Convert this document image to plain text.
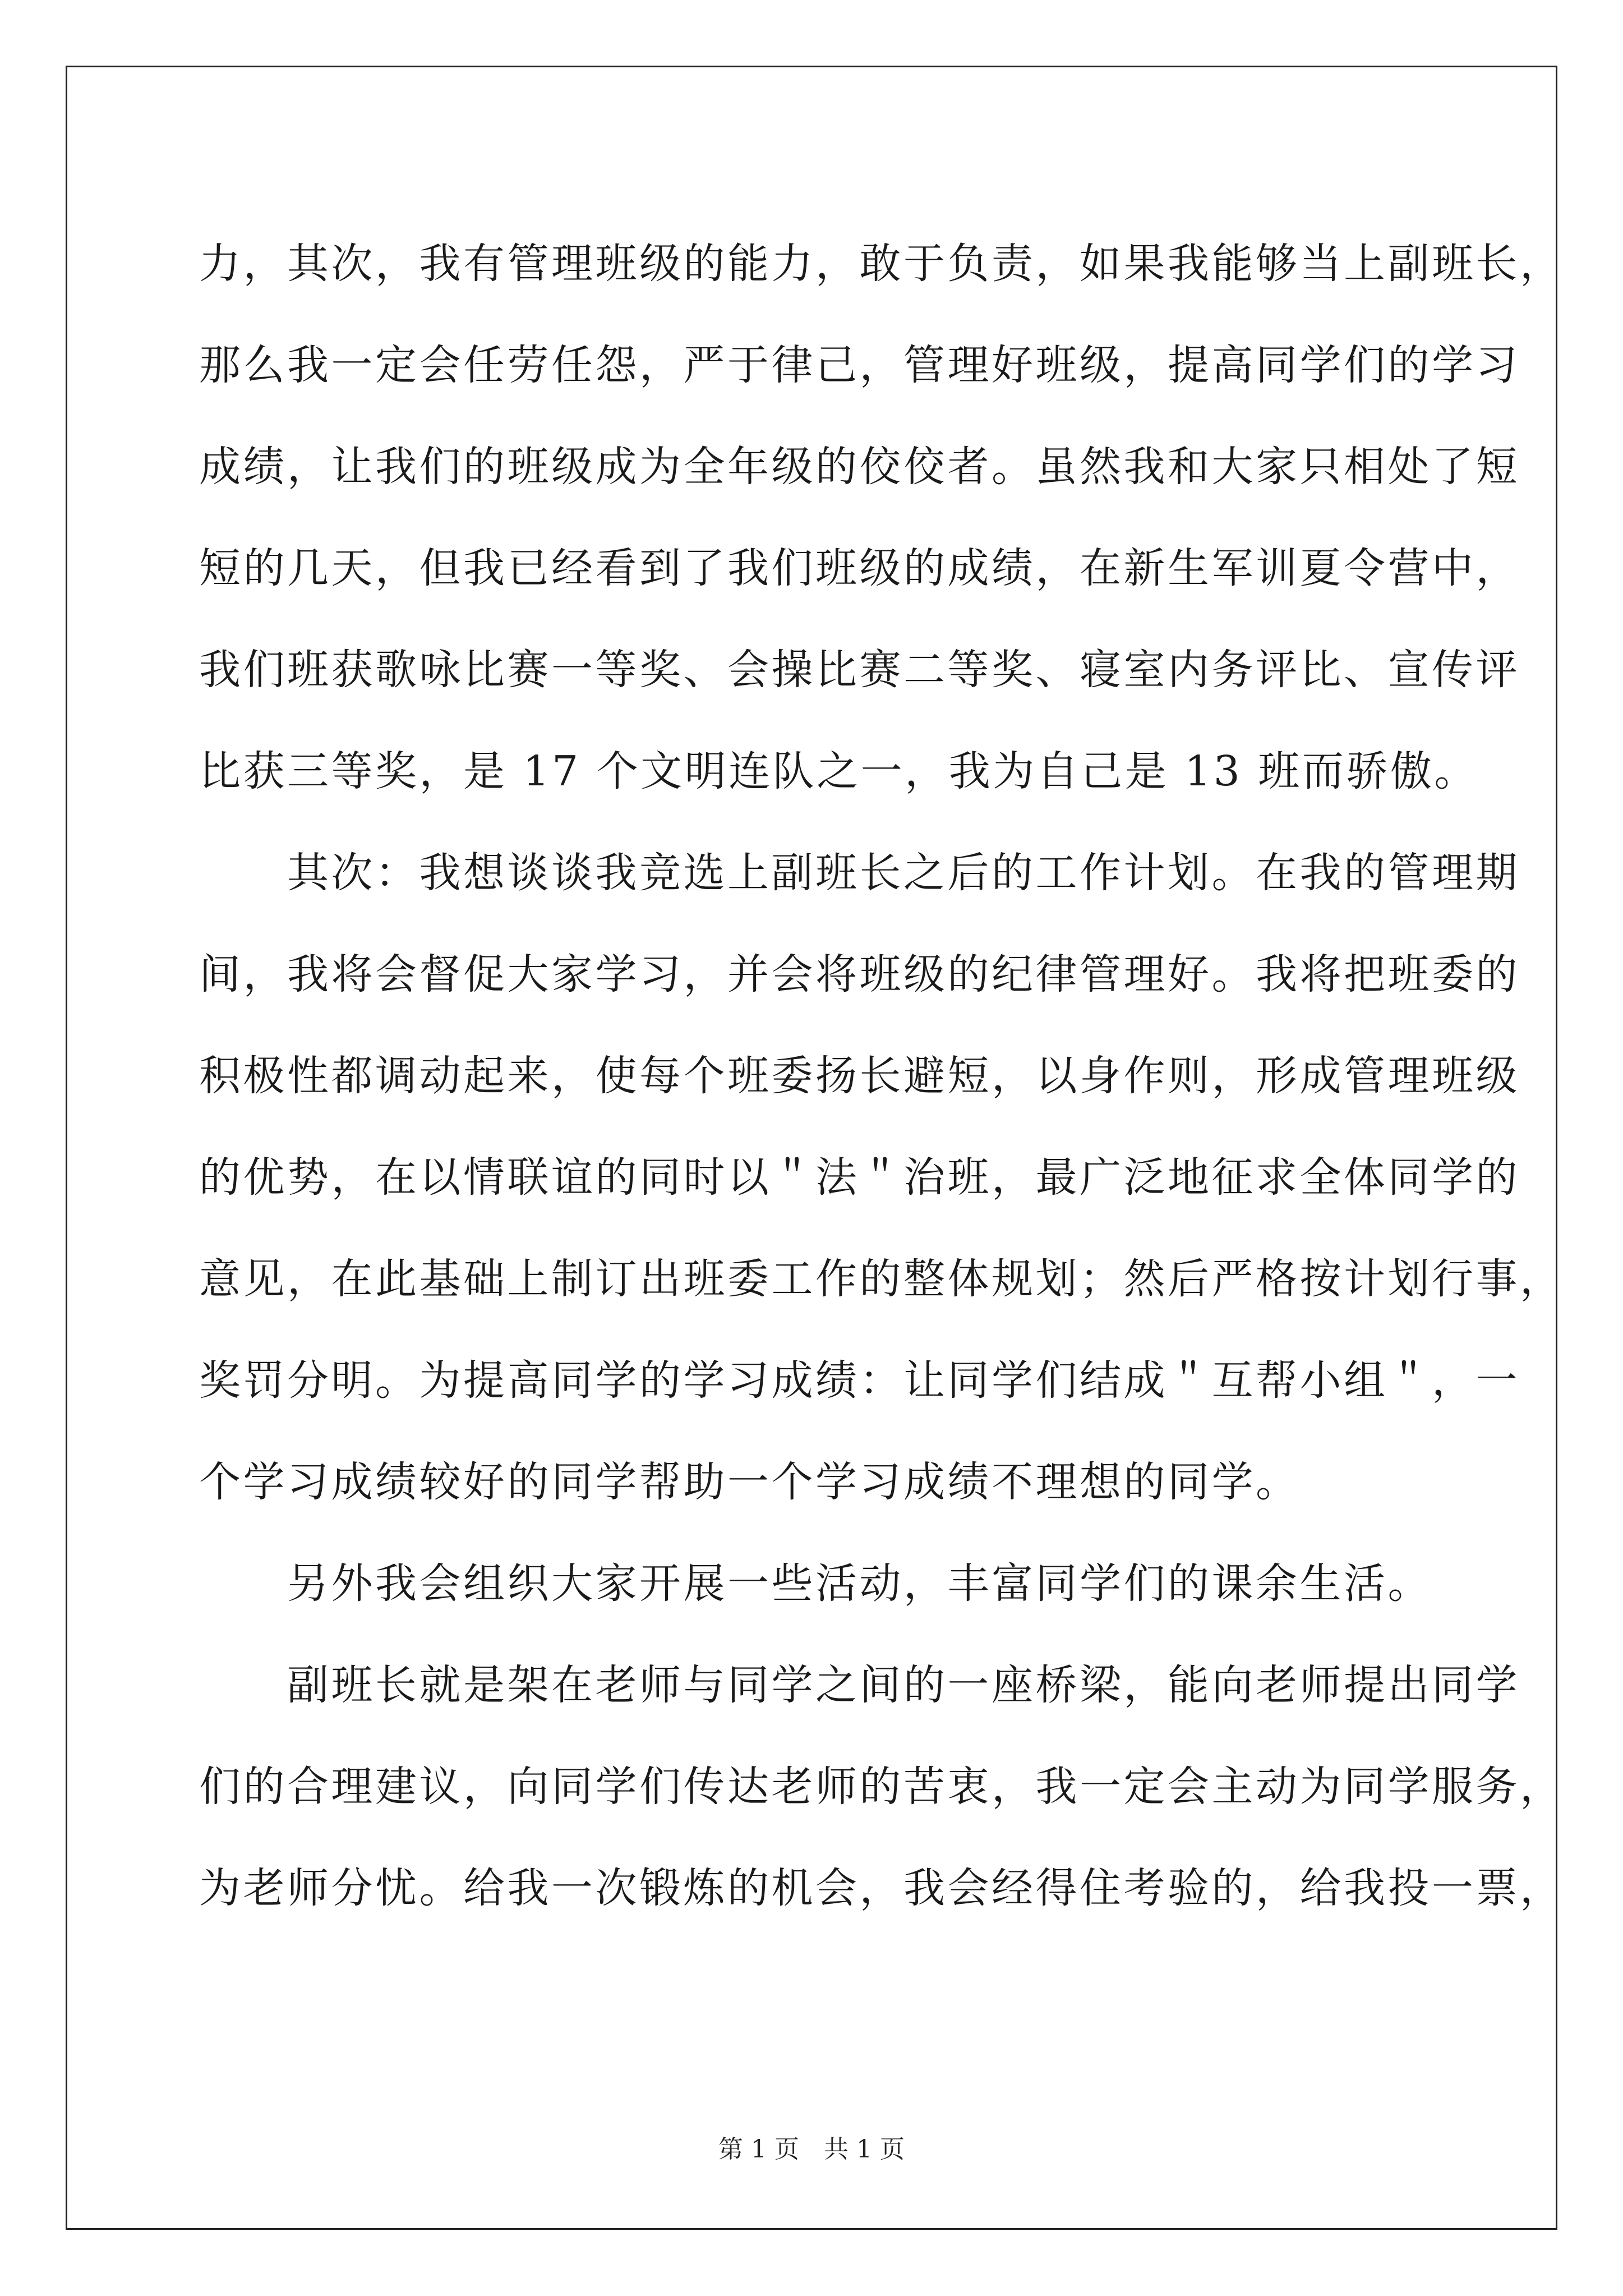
力，其次，我有管理班级的能力，敢于负责，如果我能够当上副班长，
那么我一定会任劳任怨，严于律己，管理好班级，提高同学们的学习
成绩，让我们的班级成为全年级的佼佼者。虽然我和大家只相处了短
短的几天，但我已经看到了我们班级的成绩，在新生军训夏令营中，
我们班获歌咏比赛一等奖、会操比赛二等奖、寝室内务评比、宣传评
比获三等奖，是 17 个文明连队之一，我为自己是 13 班而骄傲。
　　其次：我想谈谈我竞选上副班长之后的工作计划。在我的管理期
间，我将会督促大家学习，并会将班级的纪律管理好。我将把班委的
积极性都调动起来，使每个班委扬长避短，以身作则，形成管理班级
的优势，在以情联谊的同时以＂法＂治班，最广泛地征求全体同学的
意见，在此基础上制订出班委工作的整体规划；然后严格按计划行事，
奖罚分明。为提高同学的学习成绩：让同学们结成＂互帮小组＂，一
个学习成绩较好的同学帮助一个学习成绩不理想的同学。
　　另外我会组织大家开展一些活动，丰富同学们的课余生活。
　　副班长就是架在老师与同学之间的一座桥梁，能向老师提出同学
们的合理建议，向同学们传达老师的苦衷，我一定会主动为同学服务，
为老师分忧。给我一次锻炼的机会，我会经得住考验的，给我投一票，
第 1 页　共 1 页
